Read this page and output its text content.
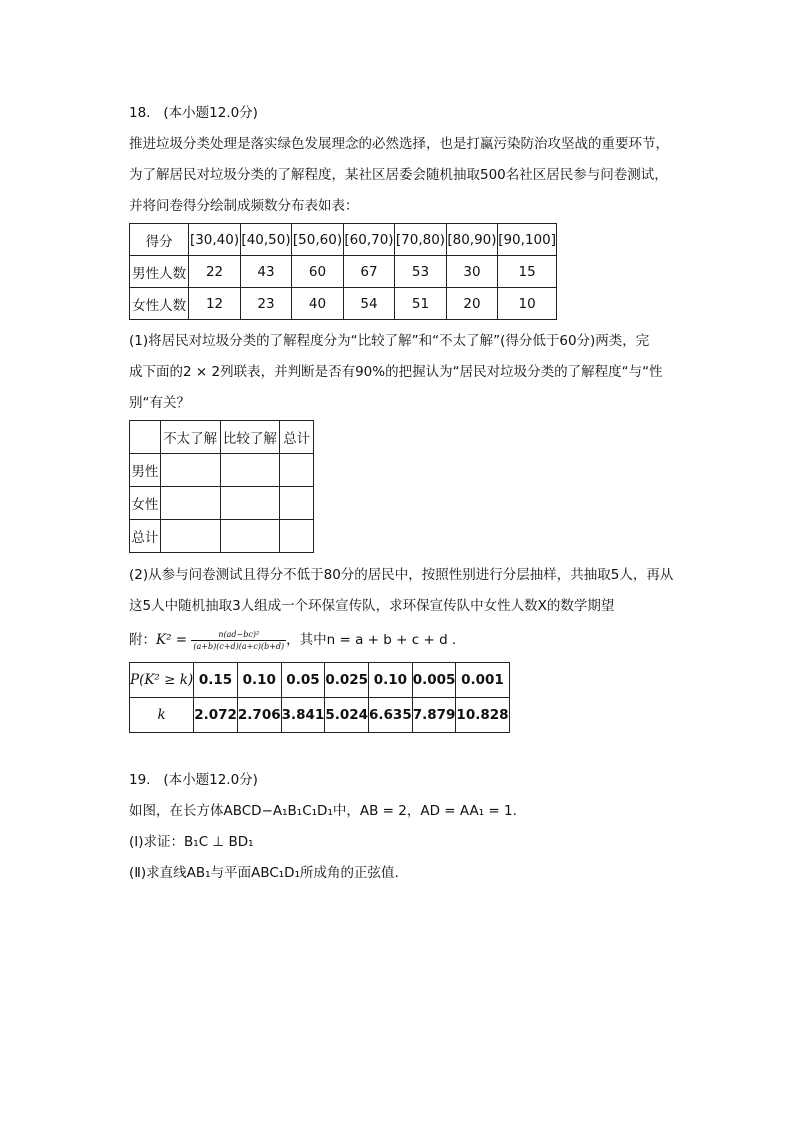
18. (本小题12.0分)
推进垃圾分类处理是落实绿色发展理念的必然选择，也是打赢污染防治攻坚战的重要环节，
为了解居民对垃圾分类的了解程度，某社区居委会随机抽取500名社区居民参与问卷测试，
并将问卷得分绘制成频数分布表如表：
得分	[30,40)	[40,50)	[50,60)	[60,70)	[70,80)	[80,90)	[90,100]
男性人数	22	43	60	67	53	30	15
女性人数	12	23	40	54	51	20	10
(1)将居民对垃圾分类的了解程度分为“比较了解”和“不太了解”(得分低于60分)两类，完
成下面的2 × 2列联表，并判断是否有90%的把握认为“居民对垃圾分类的了解程度“与“性
别“有关？
	不太了解	比较了解	总计
男性			
女性			
总计			
(2)从参与问卷测试且得分不低于80分的居民中，按照性别进行分层抽样，共抽取5人，再从
这5人中随机抽取3人组成一个环保宣传队，求环保宣传队中女性人数X的数学期望
附：$K^2 = \frac{\text{n(ad−bc)²}}{(a+b)(c+d)(a+c)(b+d)}$ ，其中n = a + b + c + d .
P(K² ≥ k)	0.15	0.10	0.05	0.025	0.10	0.005	0.001
k	2.072	2.706	3.841	5.024	6.635	7.879	10.828
19. (本小题12.0分)
如图，在长方体ABCD−A₁B₁C₁D₁中，AB = 2，AD = AA₁ = 1.
(Ⅰ)求证：B₁C ⊥ BD₁
(Ⅱ)求直线AB₁与平面ABC₁D₁所成角的正弦值.
